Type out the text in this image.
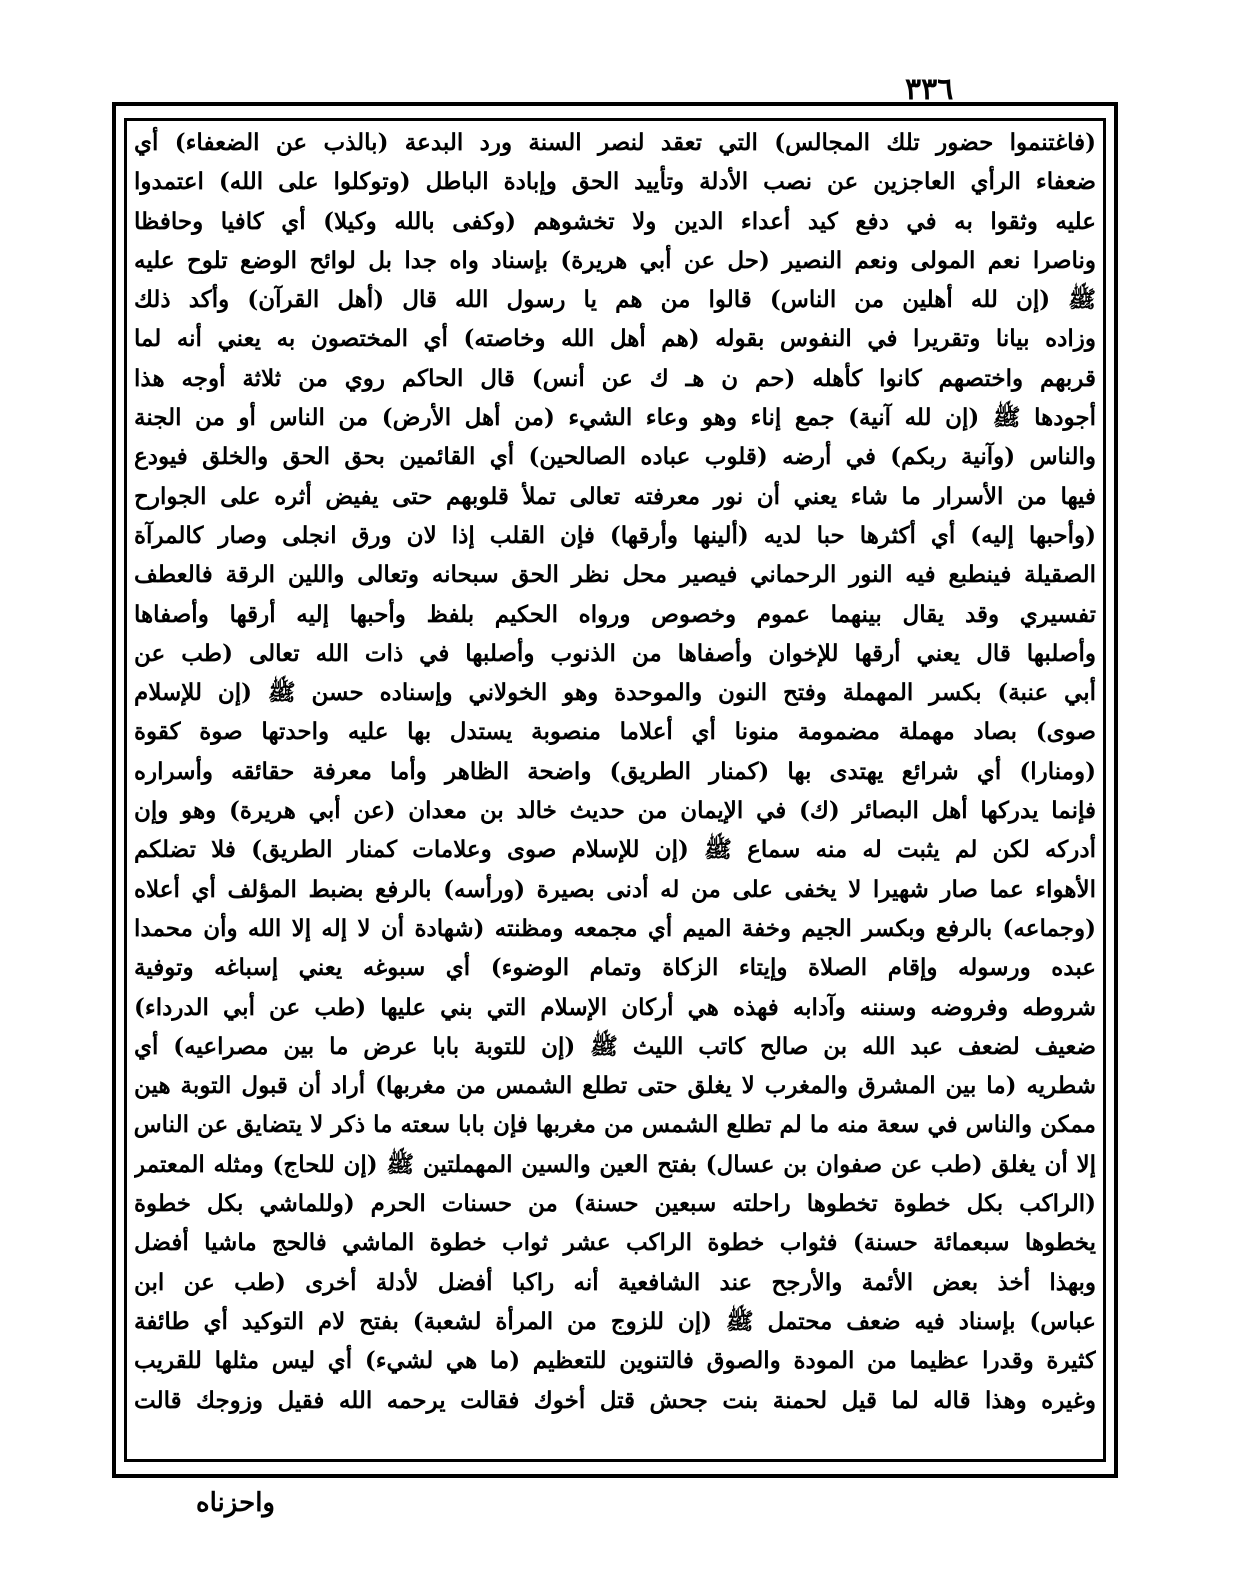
٣٣٦
(فاغتنموا حضور تلك المجالس) التي تعقد لنصر السنة ورد البدعة (بالذب عن الضعفاء) أي
ضعفاء الرأي العاجزين عن نصب الأدلة وتأييد الحق وإبادة الباطل (وتوكلوا على الله) اعتمدوا
عليه وثقوا به في دفع كيد أعداء الدين ولا تخشوهم (وكفى بالله وكيلا) أي كافيا وحافظا
وناصرا نعم المولى ونعم النصير (حل عن أبي هريرة) بإسناد واه جدا بل لوائح الوضع تلوح عليه
ﷺ (إن لله أهلين من الناس) قالوا من هم يا رسول الله قال (أهل القرآن) وأكد ذلك
وزاده بيانا وتقريرا في النفوس بقوله (هم أهل الله وخاصته) أي المختصون به يعني أنه لما
قربهم واختصهم كانوا كأهله (حم ن هـ ك عن أنس) قال الحاكم روي من ثلاثة أوجه هذا
أجودها ﷺ (إن لله آنية) جمع إناء وهو وعاء الشيء (من أهل الأرض) من الناس أو من الجنة
والناس (وآنية ربكم) في أرضه (قلوب عباده الصالحين) أي القائمين بحق الحق والخلق فيودع
فيها من الأسرار ما شاء يعني أن نور معرفته تعالى تملأ قلوبهم حتى يفيض أثره على الجوارح
(وأحبها إليه) أي أكثرها حبا لديه (ألينها وأرقها) فإن القلب إذا لان ورق انجلى وصار كالمرآة
الصقيلة فينطبع فيه النور الرحماني فيصير محل نظر الحق سبحانه وتعالى واللين الرقة فالعطف
تفسيري وقد يقال بينهما عموم وخصوص ورواه الحكيم بلفظ وأحبها إليه أرقها وأصفاها
وأصلبها قال يعني أرقها للإخوان وأصفاها من الذنوب وأصلبها في ذات الله تعالى (طب عن
أبي عنبة) بكسر المهملة وفتح النون والموحدة وهو الخولاني وإسناده حسن ﷺ (إن للإسلام
صوى) بصاد مهملة مضمومة منونا أي أعلاما منصوبة يستدل بها عليه واحدتها صوة كقوة
(ومنارا) أي شرائع يهتدى بها (كمنار الطريق) واضحة الظاهر وأما معرفة حقائقه وأسراره
فإنما يدركها أهل البصائر (ك) في الإيمان من حديث خالد بن معدان (عن أبي هريرة) وهو وإن
أدركه لكن لم يثبت له منه سماع ﷺ (إن للإسلام صوى وعلامات كمنار الطريق) فلا تضلكم
الأهواء عما صار شهيرا لا يخفى على من له أدنى بصيرة (ورأسه) بالرفع بضبط المؤلف أي أعلاه
(وجماعه) بالرفع وبكسر الجيم وخفة الميم أي مجمعه ومظنته (شهادة أن لا إله إلا الله وأن محمدا
عبده ورسوله وإقام الصلاة وإيتاء الزكاة وتمام الوضوء) أي سبوغه يعني إسباغه وتوفية
شروطه وفروضه وسننه وآدابه فهذه هي أركان الإسلام التي بني عليها (طب عن أبي الدرداء)
ضعيف لضعف عبد الله بن صالح كاتب الليث ﷺ (إن للتوبة بابا عرض ما بين مصراعيه) أي
شطريه (ما بين المشرق والمغرب لا يغلق حتى تطلع الشمس من مغربها) أراد أن قبول التوبة هين
ممكن والناس في سعة منه ما لم تطلع الشمس من مغربها فإن بابا سعته ما ذكر لا يتضايق عن الناس
إلا أن يغلق (طب عن صفوان بن عسال) بفتح العين والسين المهملتين ﷺ (إن للحاج) ومثله المعتمر
(الراكب بكل خطوة تخطوها راحلته سبعين حسنة) من حسنات الحرم (وللماشي بكل خطوة
يخطوها سبعمائة حسنة) فثواب خطوة الراكب عشر ثواب خطوة الماشي فالحج ماشيا أفضل
وبهذا أخذ بعض الأئمة والأرجح عند الشافعية أنه راكبا أفضل لأدلة أخرى (طب عن ابن
عباس) بإسناد فيه ضعف محتمل ﷺ (إن للزوج من المرأة لشعبة) بفتح لام التوكيد أي طائفة
كثيرة وقدرا عظيما من المودة والصوق فالتنوين للتعظيم (ما هي لشيء) أي ليس مثلها للقريب
وغيره وهذا قاله لما قيل لحمنة بنت جحش قتل أخوك فقالت يرحمه الله فقيل وزوجك قالت
واحزناه
